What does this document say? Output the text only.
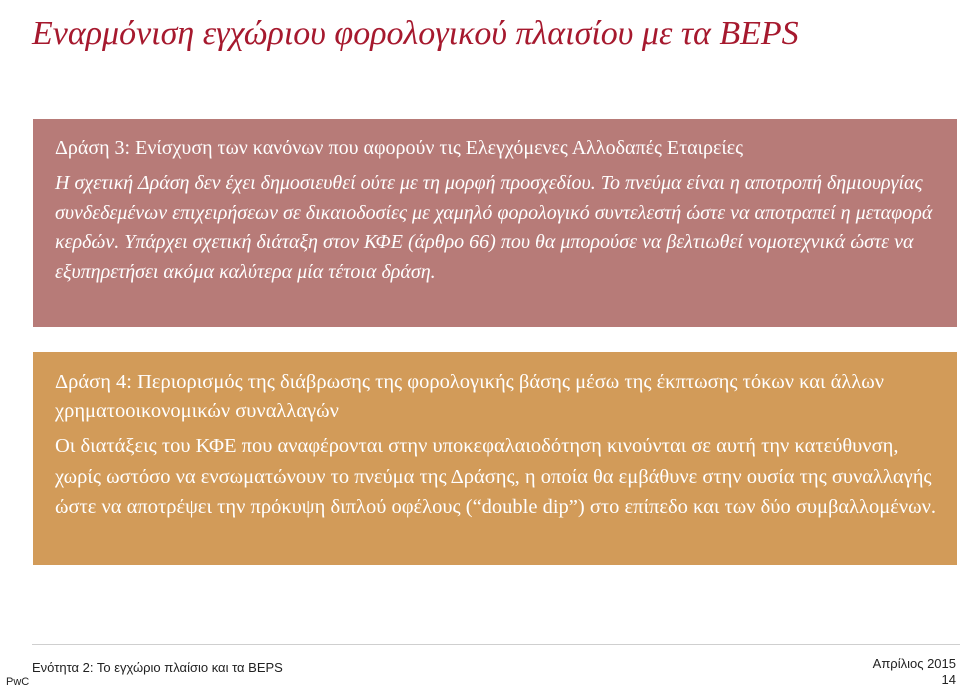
Εναρμόνιση εγχώριου φορολογικού πλαισίου με τα BEPS

Δράση 3: Ενίσχυση των κανόνων που αφορούν τις Ελεγχόμενες Αλλοδαπές Εταιρείες

Η σχετική Δράση δεν έχει δημοσιευθεί ούτε με τη μορφή προσχεδίου. Το πνεύμα είναι η αποτροπή δημιουργίας συνδεδεμένων επιχειρήσεων σε δικαιοδοσίες με χαμηλό φορολογικό συντελεστή ώστε να αποτραπεί η μεταφορά κερδών. Υπάρχει σχετική διάταξη στον ΚΦΕ (άρθρο 66) που θα μπορούσε να βελτιωθεί νομοτεχνικά ώστε να εξυπηρετήσει ακόμα καλύτερα μία τέτοια δράση.

Δράση 4: Περιορισμός της διάβρωσης της φορολογικής βάσης μέσω της έκπτωσης τόκων και άλλων χρηματοοικονομικών συναλλαγών

Οι διατάξεις του ΚΦΕ που αναφέρονται στην υποκεφαλαιοδότηση κινούνται σε αυτή την κατεύθυνση, χωρίς ωστόσο να ενσωματώνουν το πνεύμα της Δράσης, η οποία θα εμβάθυνε στην ουσία της συναλλαγής ώστε να αποτρέψει την πρόκυψη διπλού οφέλους (“double dip”) στο επίπεδο και των δύο συμβαλλομένων.

Ενότητα 2: Το εγχώριο πλαίσιο και τα BEPS
PwC
Απρίλιος 2015
14
